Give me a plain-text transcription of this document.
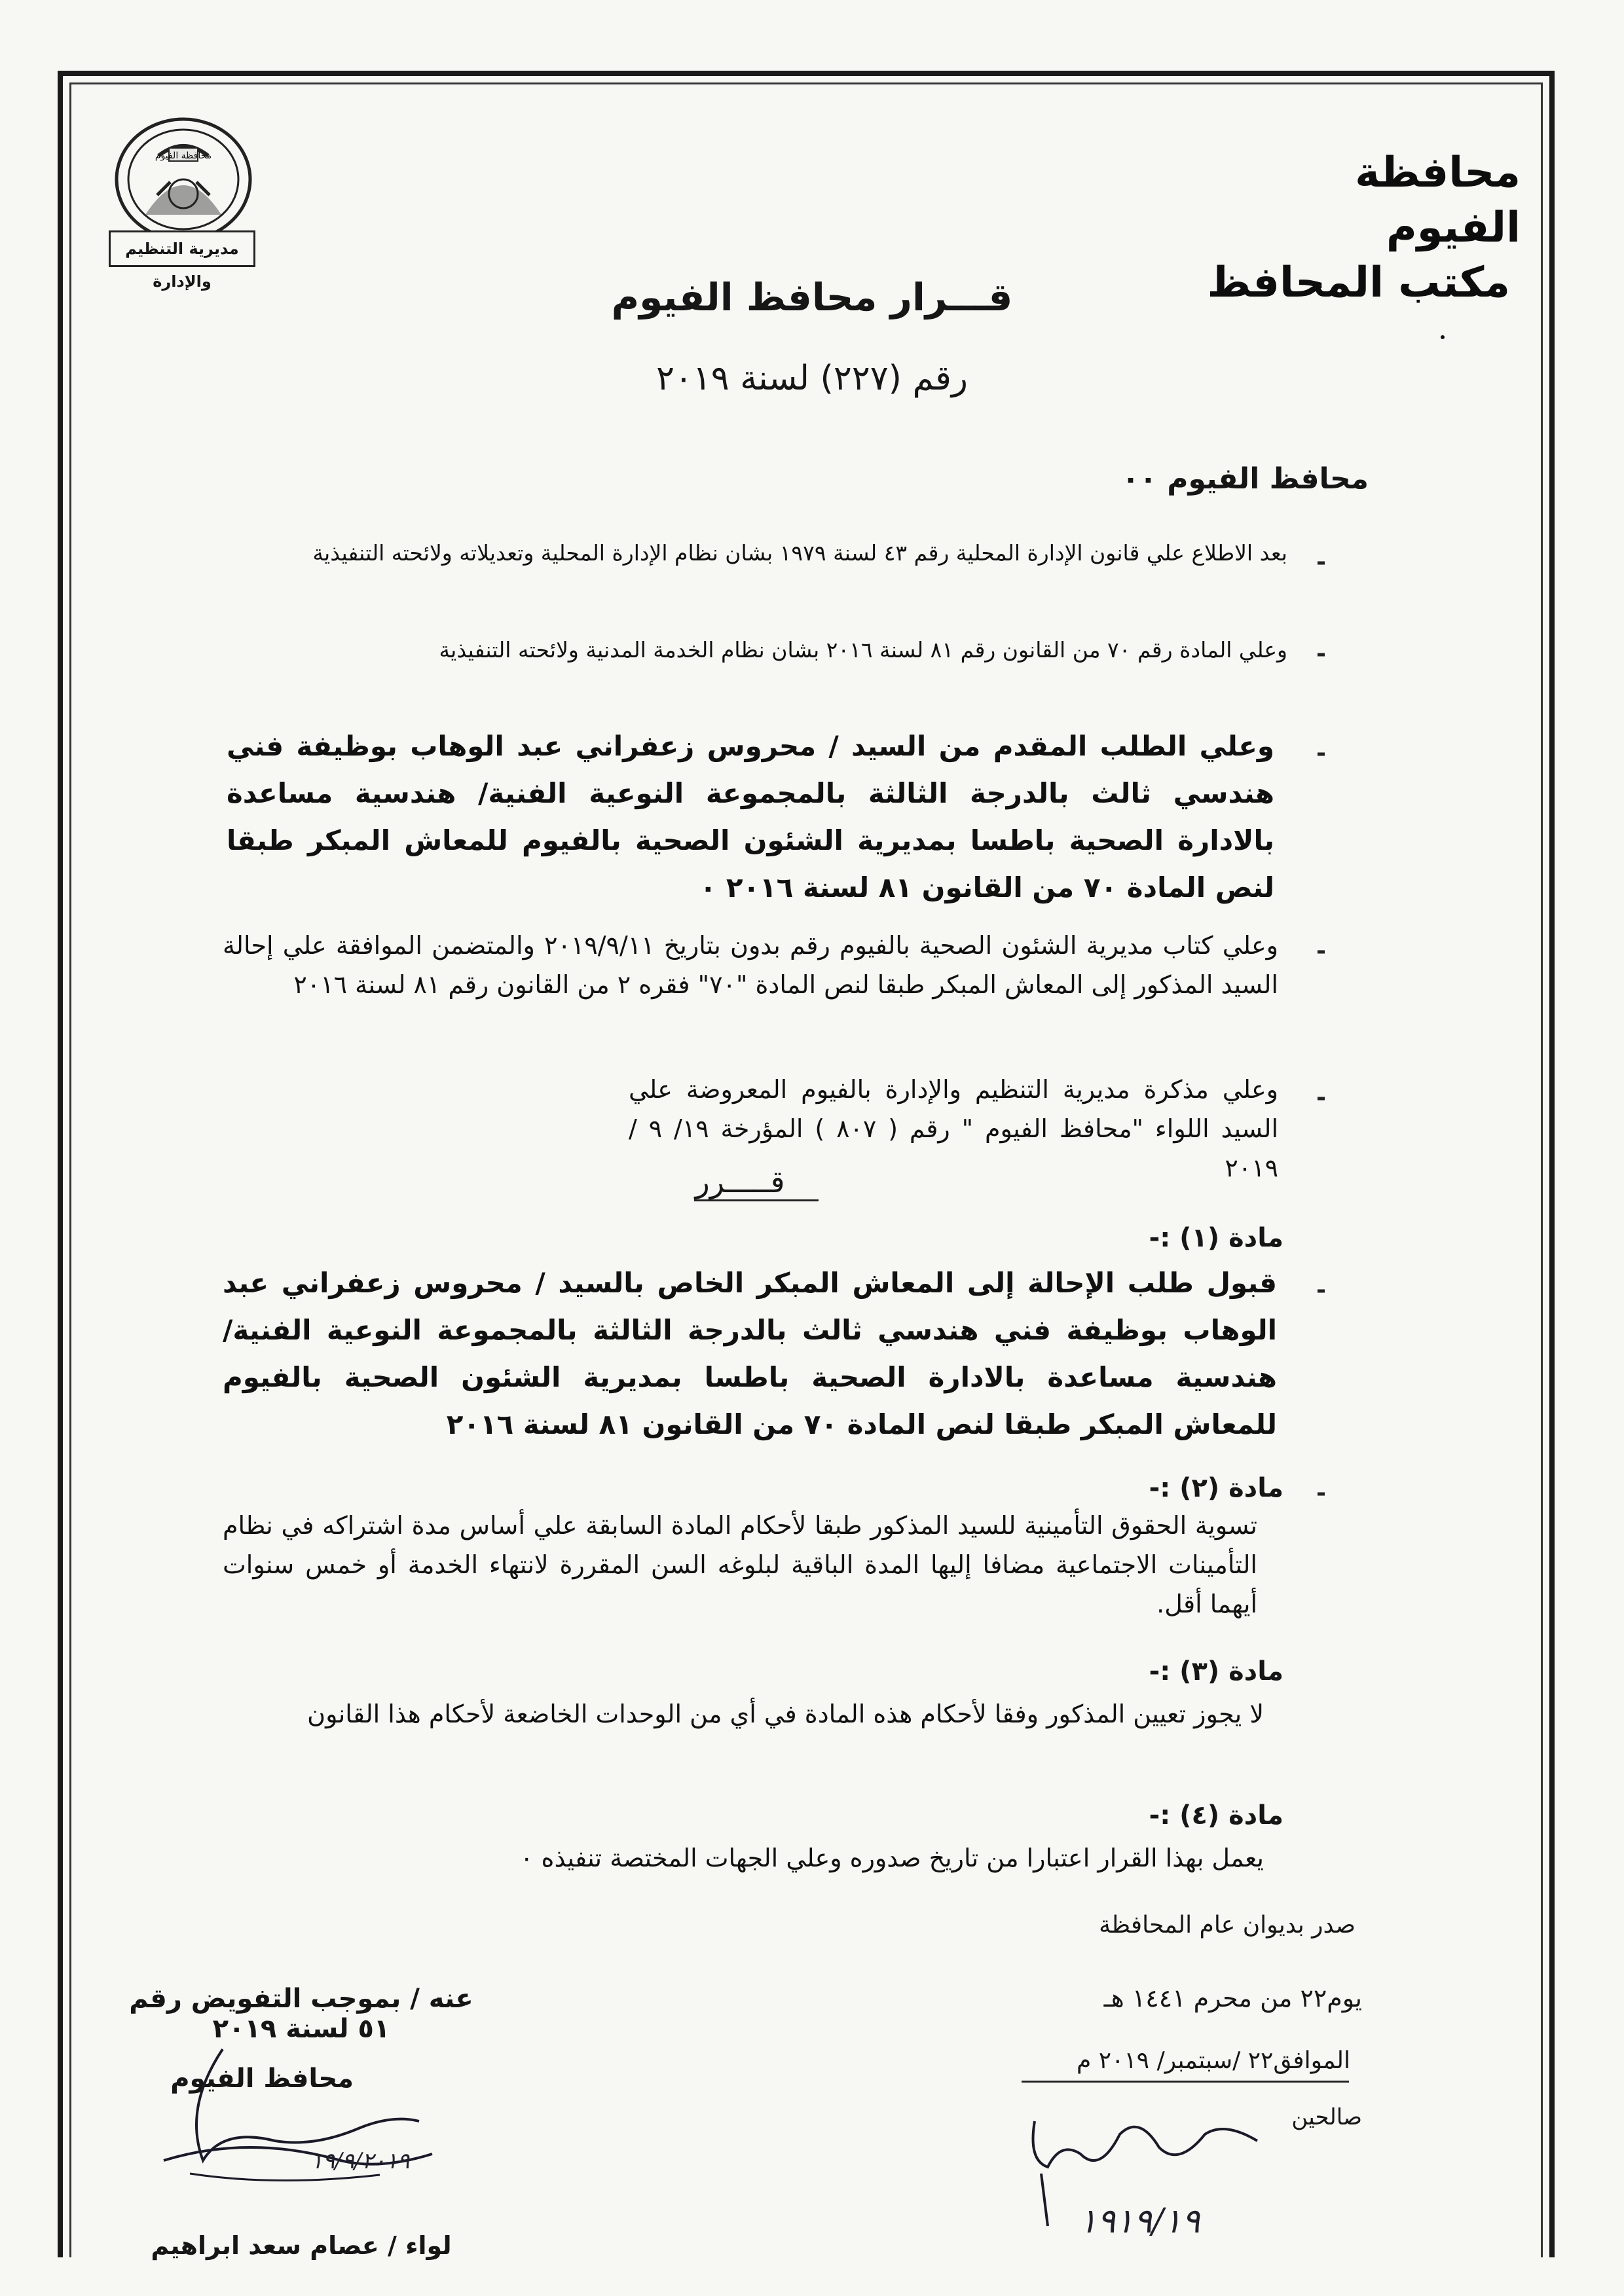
محافظة الفيوم
مكتب المحافظ
محافظة الفيوم
مديرية التنظيم والإدارة	قـــرار محافظ الفيوم
رقم (٢٢٧) لسنة ٢٠١٩
محافظ الفيوم ٠٠
-
بعد الاطلاع علي قانون الإدارة المحلية رقم ٤٣ لسنة ١٩٧٩ بشان نظام الإدارة المحلية وتعديلاته ولائحته التنفيذية
-
وعلي المادة رقم ٧٠ من القانون رقم ٨١ لسنة ٢٠١٦ بشان نظام الخدمة المدنية ولائحته التنفيذية
-
وعلي الطلب المقدم من السيد / محروس زعفراني عبد الوهاب بوظيفة فني هندسي ثالث بالدرجة الثالثة بالمجموعة النوعية الفنية/ هندسية مساعدة بالادارة الصحية باطسا بمديرية الشئون الصحية بالفيوم للمعاش المبكر طبقا لنص المادة ٧٠ من القانون ٨١ لسنة ٢٠١٦ ٠
-
وعلي كتاب مديرية الشئون الصحية بالفيوم رقم بدون بتاريخ ٢٠١٩/٩/١١ والمتضمن الموافقة علي إحالة السيد المذكور إلى المعاش المبكر طبقا لنص المادة "٧٠" فقره ٢ من القانون رقم ٨١ لسنة ٢٠١٦
-
وعلي مذكرة مديرية التنظيم والإدارة بالفيوم المعروضة علي السيد اللواء "محافظ الفيوم " رقم ( ٨٠٧ ) المؤرخة ١٩/ ٩ / ٢٠١٩
قـــــرر
مادة (١) :-
-
قبول طلب الإحالة إلى المعاش المبكر الخاص بالسيد / محروس زعفراني عبد الوهاب بوظيفة فني هندسي ثالث بالدرجة الثالثة بالمجموعة النوعية الفنية/ هندسية مساعدة بالادارة الصحية باطسا بمديرية الشئون الصحية بالفيوم للمعاش المبكر طبقا لنص المادة ٧٠ من القانون ٨١ لسنة ٢٠١٦
-
مادة (٢) :-
تسوية الحقوق التأمينية للسيد المذكور طبقا لأحكام المادة السابقة علي أساس مدة اشتراكه في نظام التأمينات الاجتماعية مضافا إليها المدة الباقية لبلوغه السن المقررة لانتهاء الخدمة أو خمس سنوات أيهما أقل.
مادة (٣) :-
لا يجوز تعيين المذكور وفقا لأحكام هذه المادة في أي من الوحدات الخاضعة لأحكام هذا القانون
مادة (٤) :-
يعمل بهذا القرار اعتبارا من تاريخ صدوره وعلي الجهات المختصة تنفيذه ٠
صدر بديوان عام المحافظة
يوم٢٢ من محرم ١٤٤١ هـ
الموافق٢٢ /سبتمبر/ ٢٠١٩ م
صالحين
عنه / بموجب التفويض رقم ٥١ لسنة ٢٠١٩
محافظ الفيوم
لواء / عصام سعد ابراهيم
١٩/٩/٢٠١٩
١٩١٩/١٩
